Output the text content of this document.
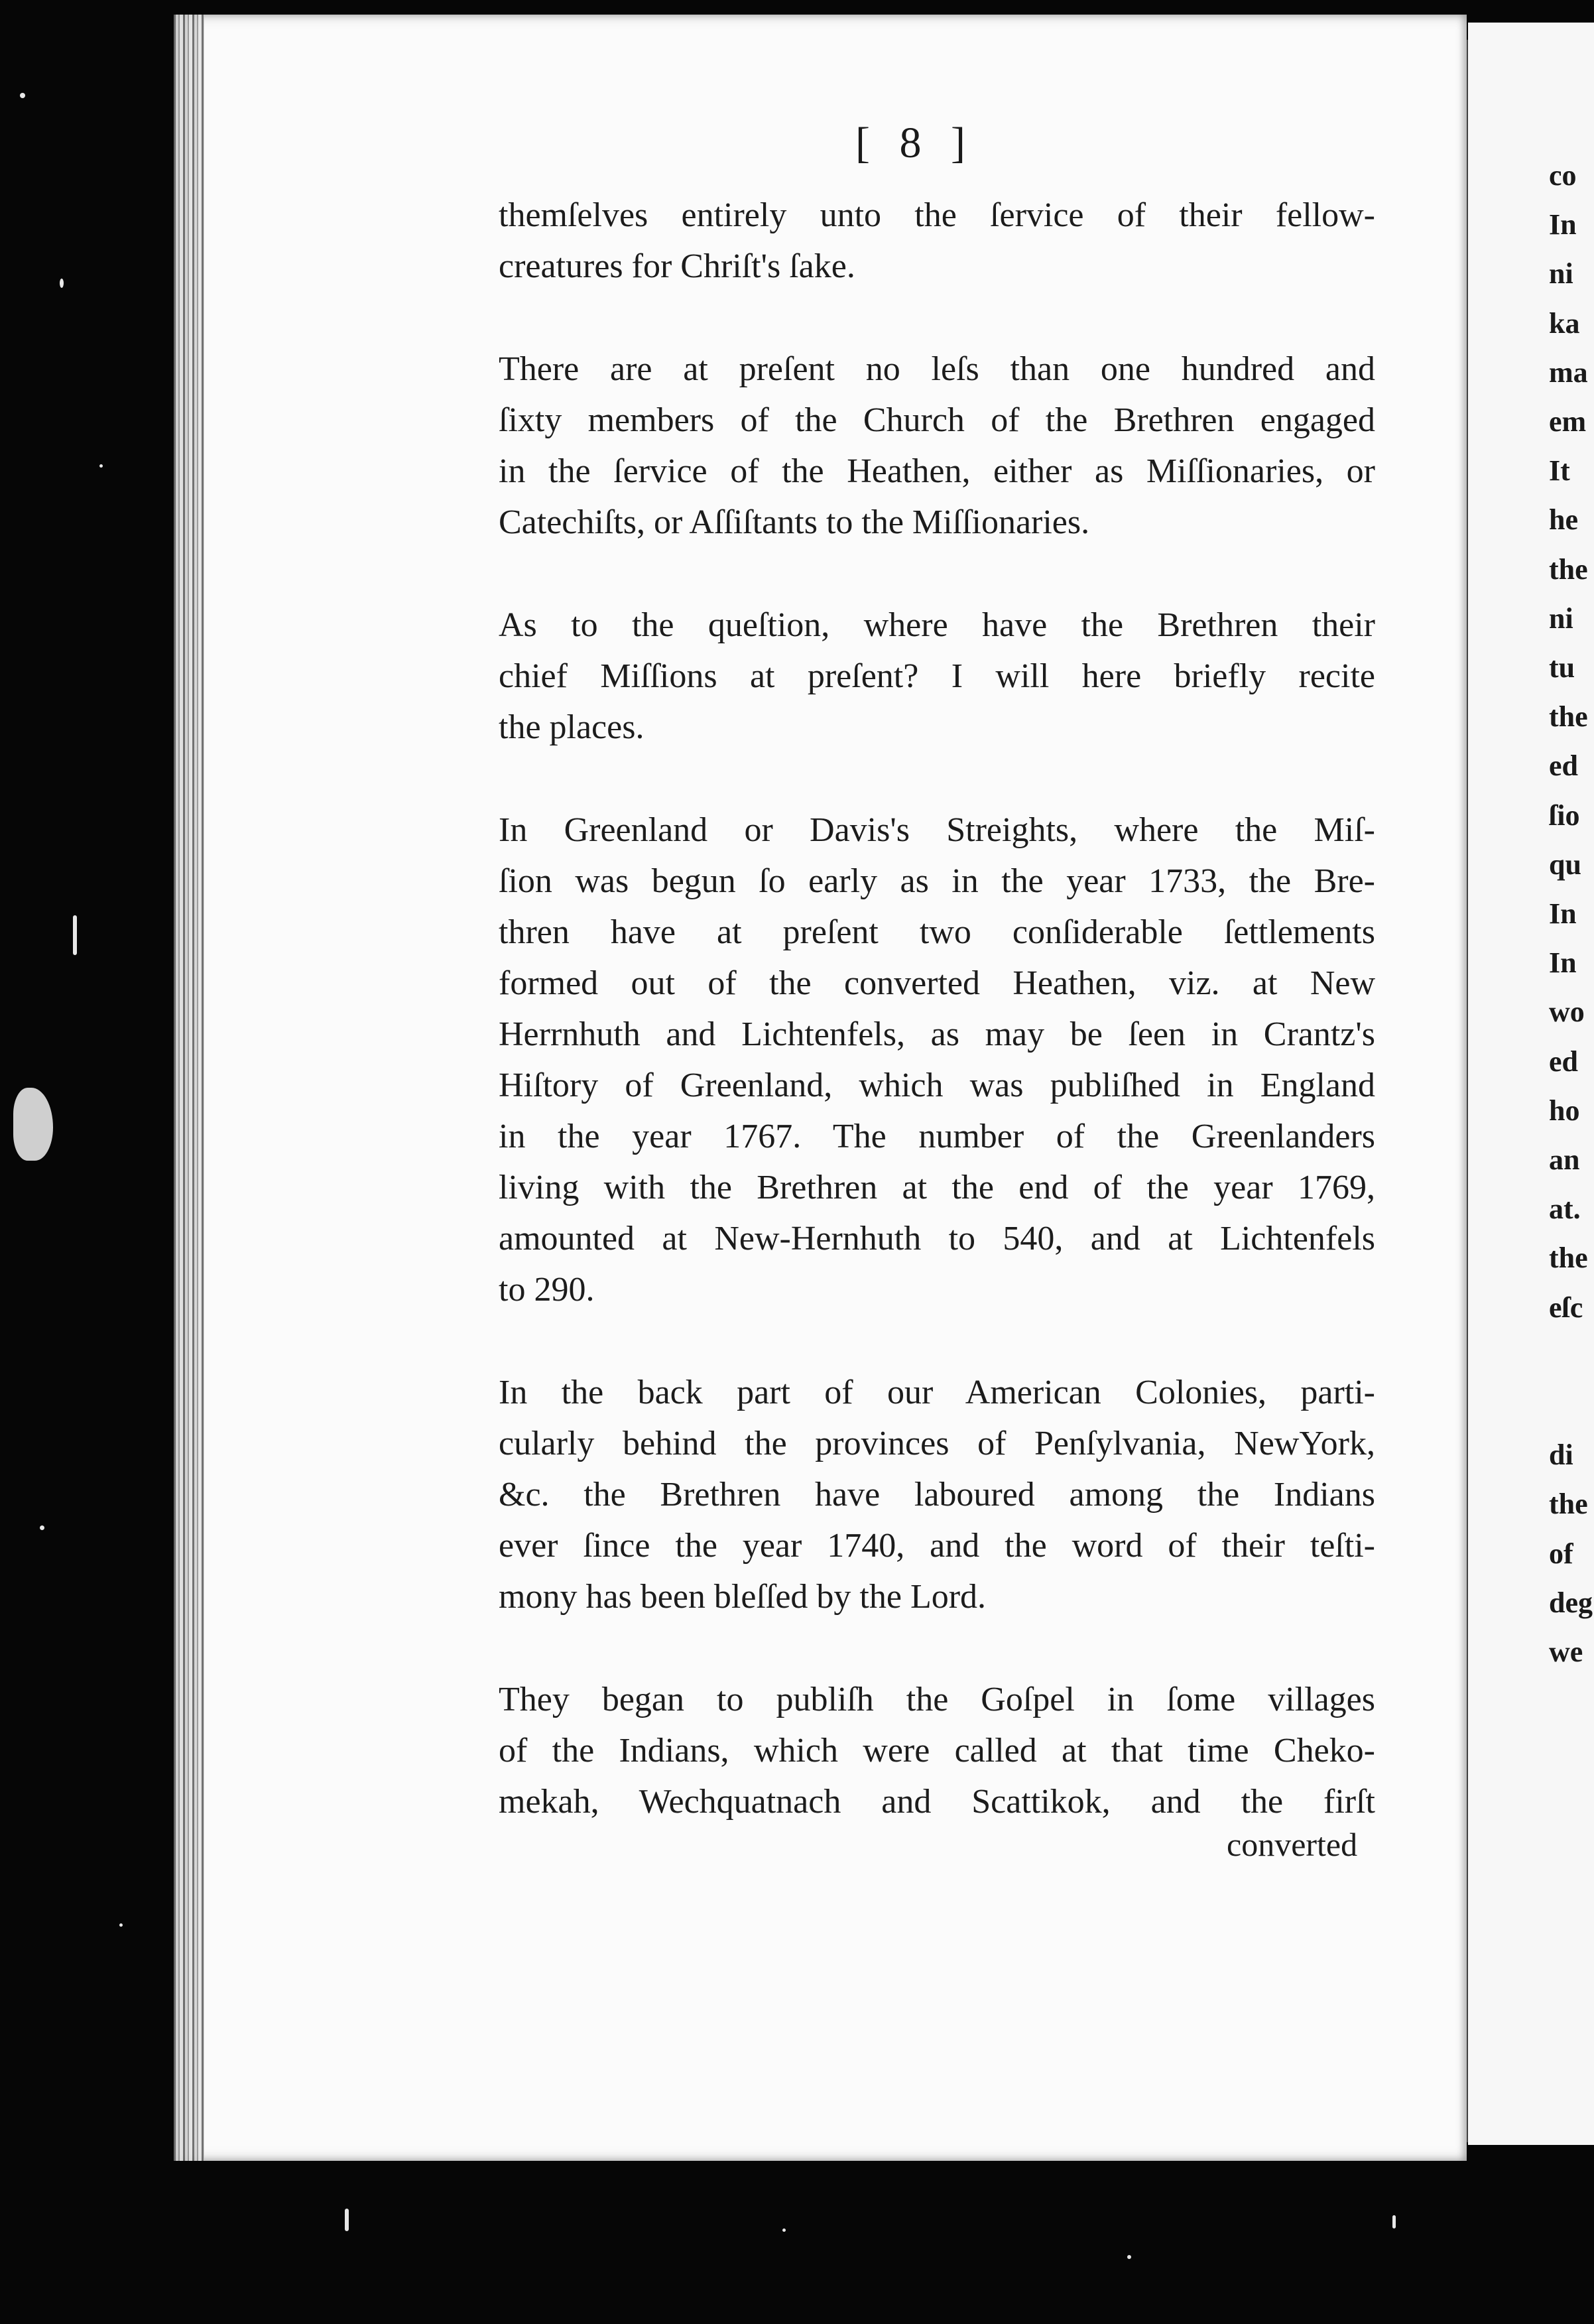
co
In
ni
ka
ma
em
It
he
the
ni
tu
the
ed
ſio
qu
In
In
wo
ed
ho
an
at.
the
eſc

di
the
of
deg
we
[ 8 ]

themſelves entirely unto the ſervice of their fellow-
creatures for Chriſt's ſake.

There are at preſent no leſs than one hundred and
ſixty members of the Church of the Brethren engaged
in the ſervice of the Heathen, either as Miſſionaries, or
Catechiſts, or Aſſiſtants to the Miſſionaries.

As to the queſtion, where have the Brethren their
chief Miſſions at preſent? I will here briefly recite
the places.

In Greenland or Davis's Streights, where the Miſ-
ſion was begun ſo early as in the year 1733, the Bre-
thren have at preſent two conſiderable ſettlements
formed out of the converted Heathen, viz. at New
Herrnhuth and Lichtenfels, as may be ſeen in Crantz's
Hiſtory of Greenland, which was publiſhed in England
in the year 1767. The number of the Greenlanders
living with the Brethren at the end of the year 1769,
amounted at New-Hernhuth to 540, and at Lichtenfels
to 290.

In the back part of our American Colonies, parti-
cularly behind the provinces of Penſylvania, NewYork,
&c. the Brethren have laboured among the Indians
ever ſince the year 1740, and the word of their teſti-
mony has been bleſſed by the Lord.

They began to publiſh the Goſpel in ſome villages
of the Indians, which were called at that time Cheko-
mekah, Wechquatnach and Scattikok, and the firſt

converted
